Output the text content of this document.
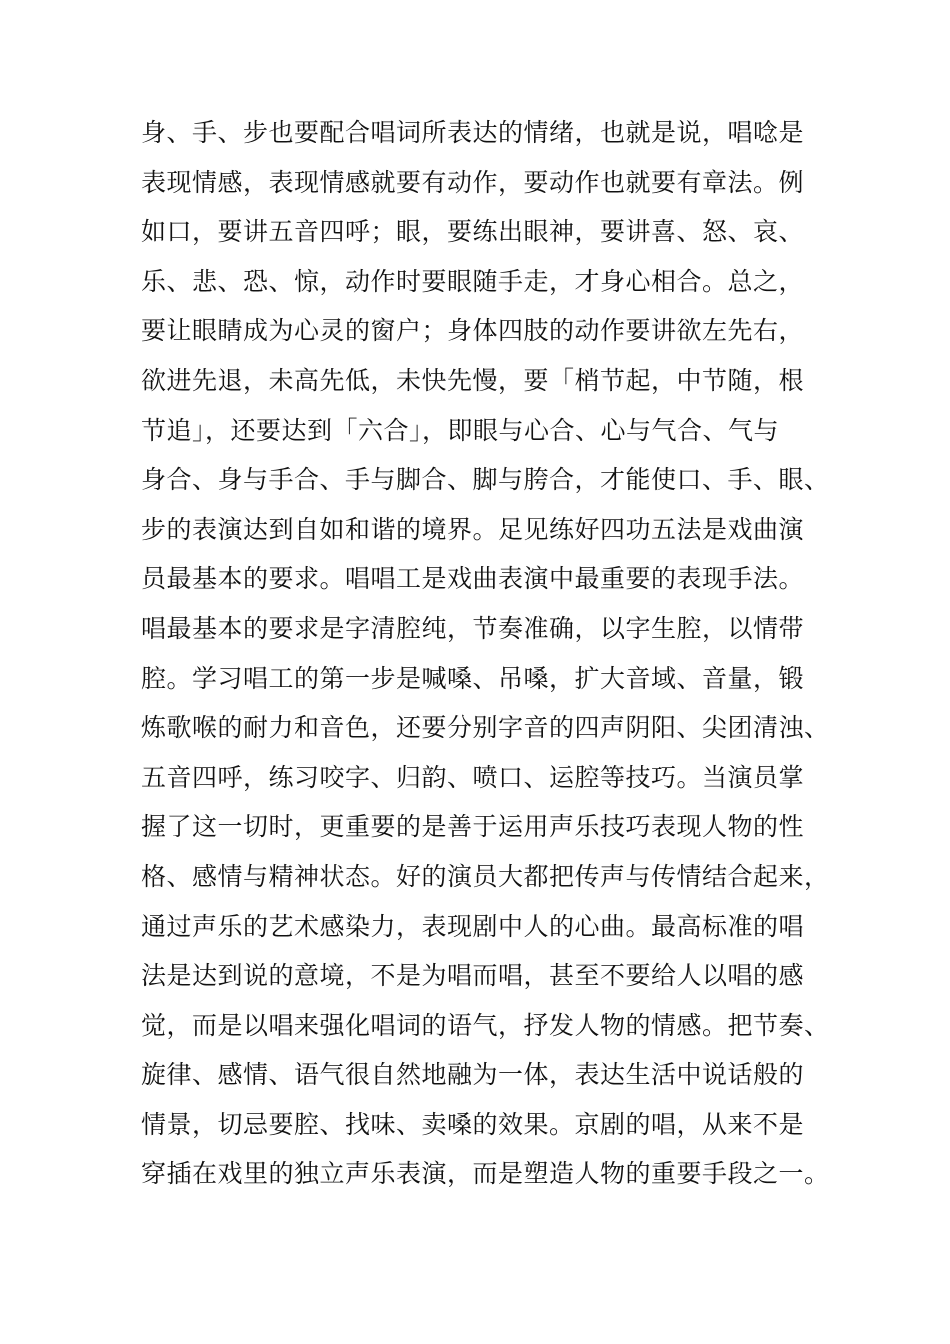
身、手、步也要配合唱词所表达的情绪，也就是说，唱唸是
表现情感，表现情感就要有动作，要动作也就要有章法。例
如口，要讲五音四呼；眼，要练出眼神，要讲喜、怒、哀、
乐、悲、恐、惊，动作时要眼随手走，才身心相合。总之，
要让眼睛成为心灵的窗户；身体四肢的动作要讲欲左先右，
欲进先退，未高先低，未快先慢，要「梢节起，中节随，根
节追」，还要达到「六合」，即眼与心合、心与气合、气与
身合、身与手合、手与脚合、脚与胯合，才能使口、手、眼、
步的表演达到自如和谐的境界。足见练好四功五法是戏曲演
员最基本的要求。唱唱工是戏曲表演中最重要的表现手法。
唱最基本的要求是字清腔纯，节奏准确，以字生腔，以情带
腔。学习唱工的第一步是喊嗓、吊嗓，扩大音域、音量，锻
炼歌喉的耐力和音色，还要分别字音的四声阴阳、尖团清浊、
五音四呼，练习咬字、归韵、喷口、运腔等技巧。当演员掌
握了这一切时，更重要的是善于运用声乐技巧表现人物的性
格、感情与精神状态。好的演员大都把传声与传情结合起来，
通过声乐的艺术感染力，表现剧中人的心曲。最高标准的唱
法是达到说的意境，不是为唱而唱，甚至不要给人以唱的感
觉，而是以唱来强化唱词的语气，抒发人物的情感。把节奏、
旋律、感情、语气很自然地融为一体，表达生活中说话般的
情景，切忌要腔、找味、卖嗓的效果。京剧的唱，从来不是
穿插在戏里的独立声乐表演，而是塑造人物的重要手段之一。
